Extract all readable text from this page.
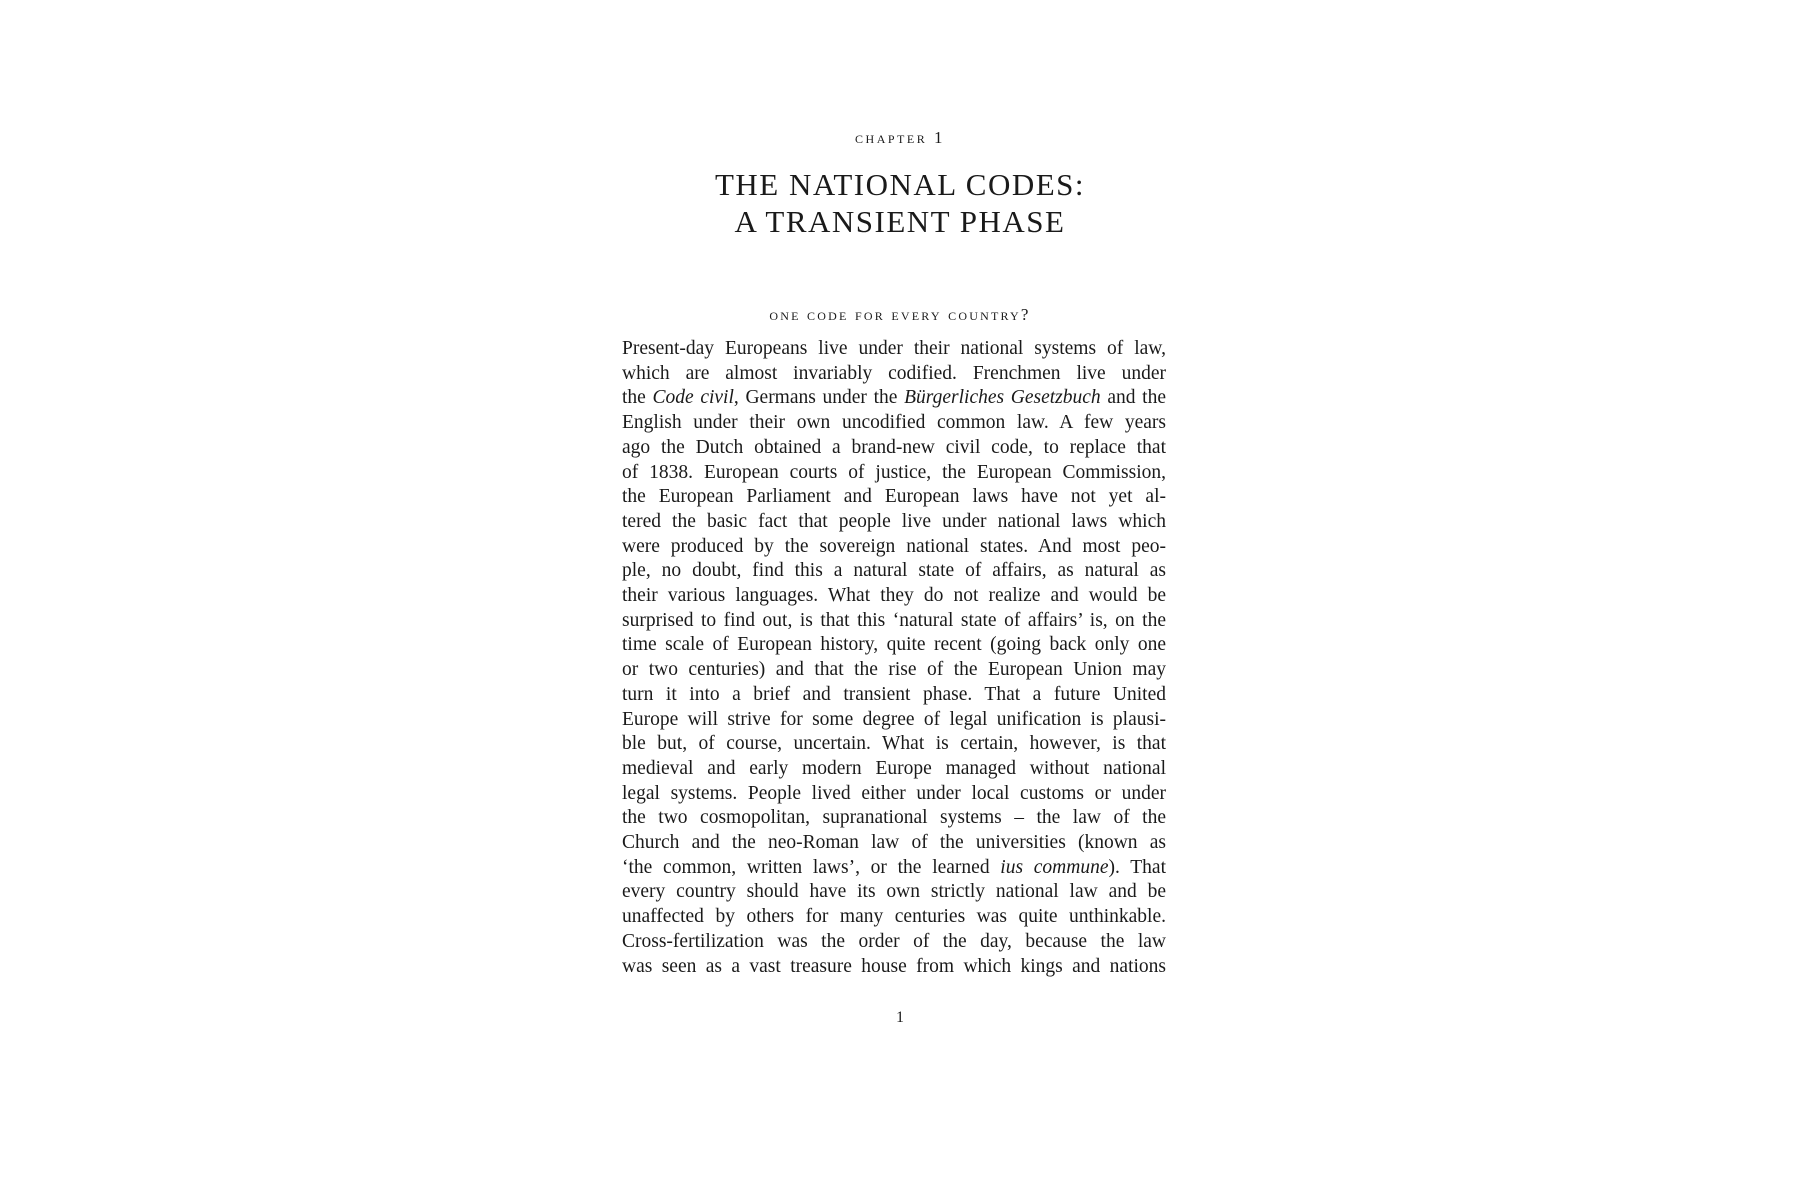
chapter 1
THE NATIONAL CODES:
A TRANSIENT PHASE
one code for every country?
Present-day Europeans live under their national systems of law,
which are almost invariably codified. Frenchmen live under
the Code civil, Germans under the Bürgerliches Gesetzbuch and the
English under their own uncodified common law. A few years
ago the Dutch obtained a brand-new civil code, to replace that
of 1838. European courts of justice, the European Commission,
the European Parliament and European laws have not yet al-
tered the basic fact that people live under national laws which
were produced by the sovereign national states. And most peo-
ple, no doubt, find this a natural state of affairs, as natural as
their various languages. What they do not realize and would be
surprised to find out, is that this ‘natural state of affairs’ is, on the
time scale of European history, quite recent (going back only one
or two centuries) and that the rise of the European Union may
turn it into a brief and transient phase. That a future United
Europe will strive for some degree of legal unification is plausi-
ble but, of course, uncertain. What is certain, however, is that
medieval and early modern Europe managed without national
legal systems. People lived either under local customs or under
the two cosmopolitan, supranational systems – the law of the
Church and the neo-Roman law of the universities (known as
‘the common, written laws’, or the learned ius commune). That
every country should have its own strictly national law and be
unaffected by others for many centuries was quite unthinkable.
Cross-fertilization was the order of the day, because the law
was seen as a vast treasure house from which kings and nations
1
